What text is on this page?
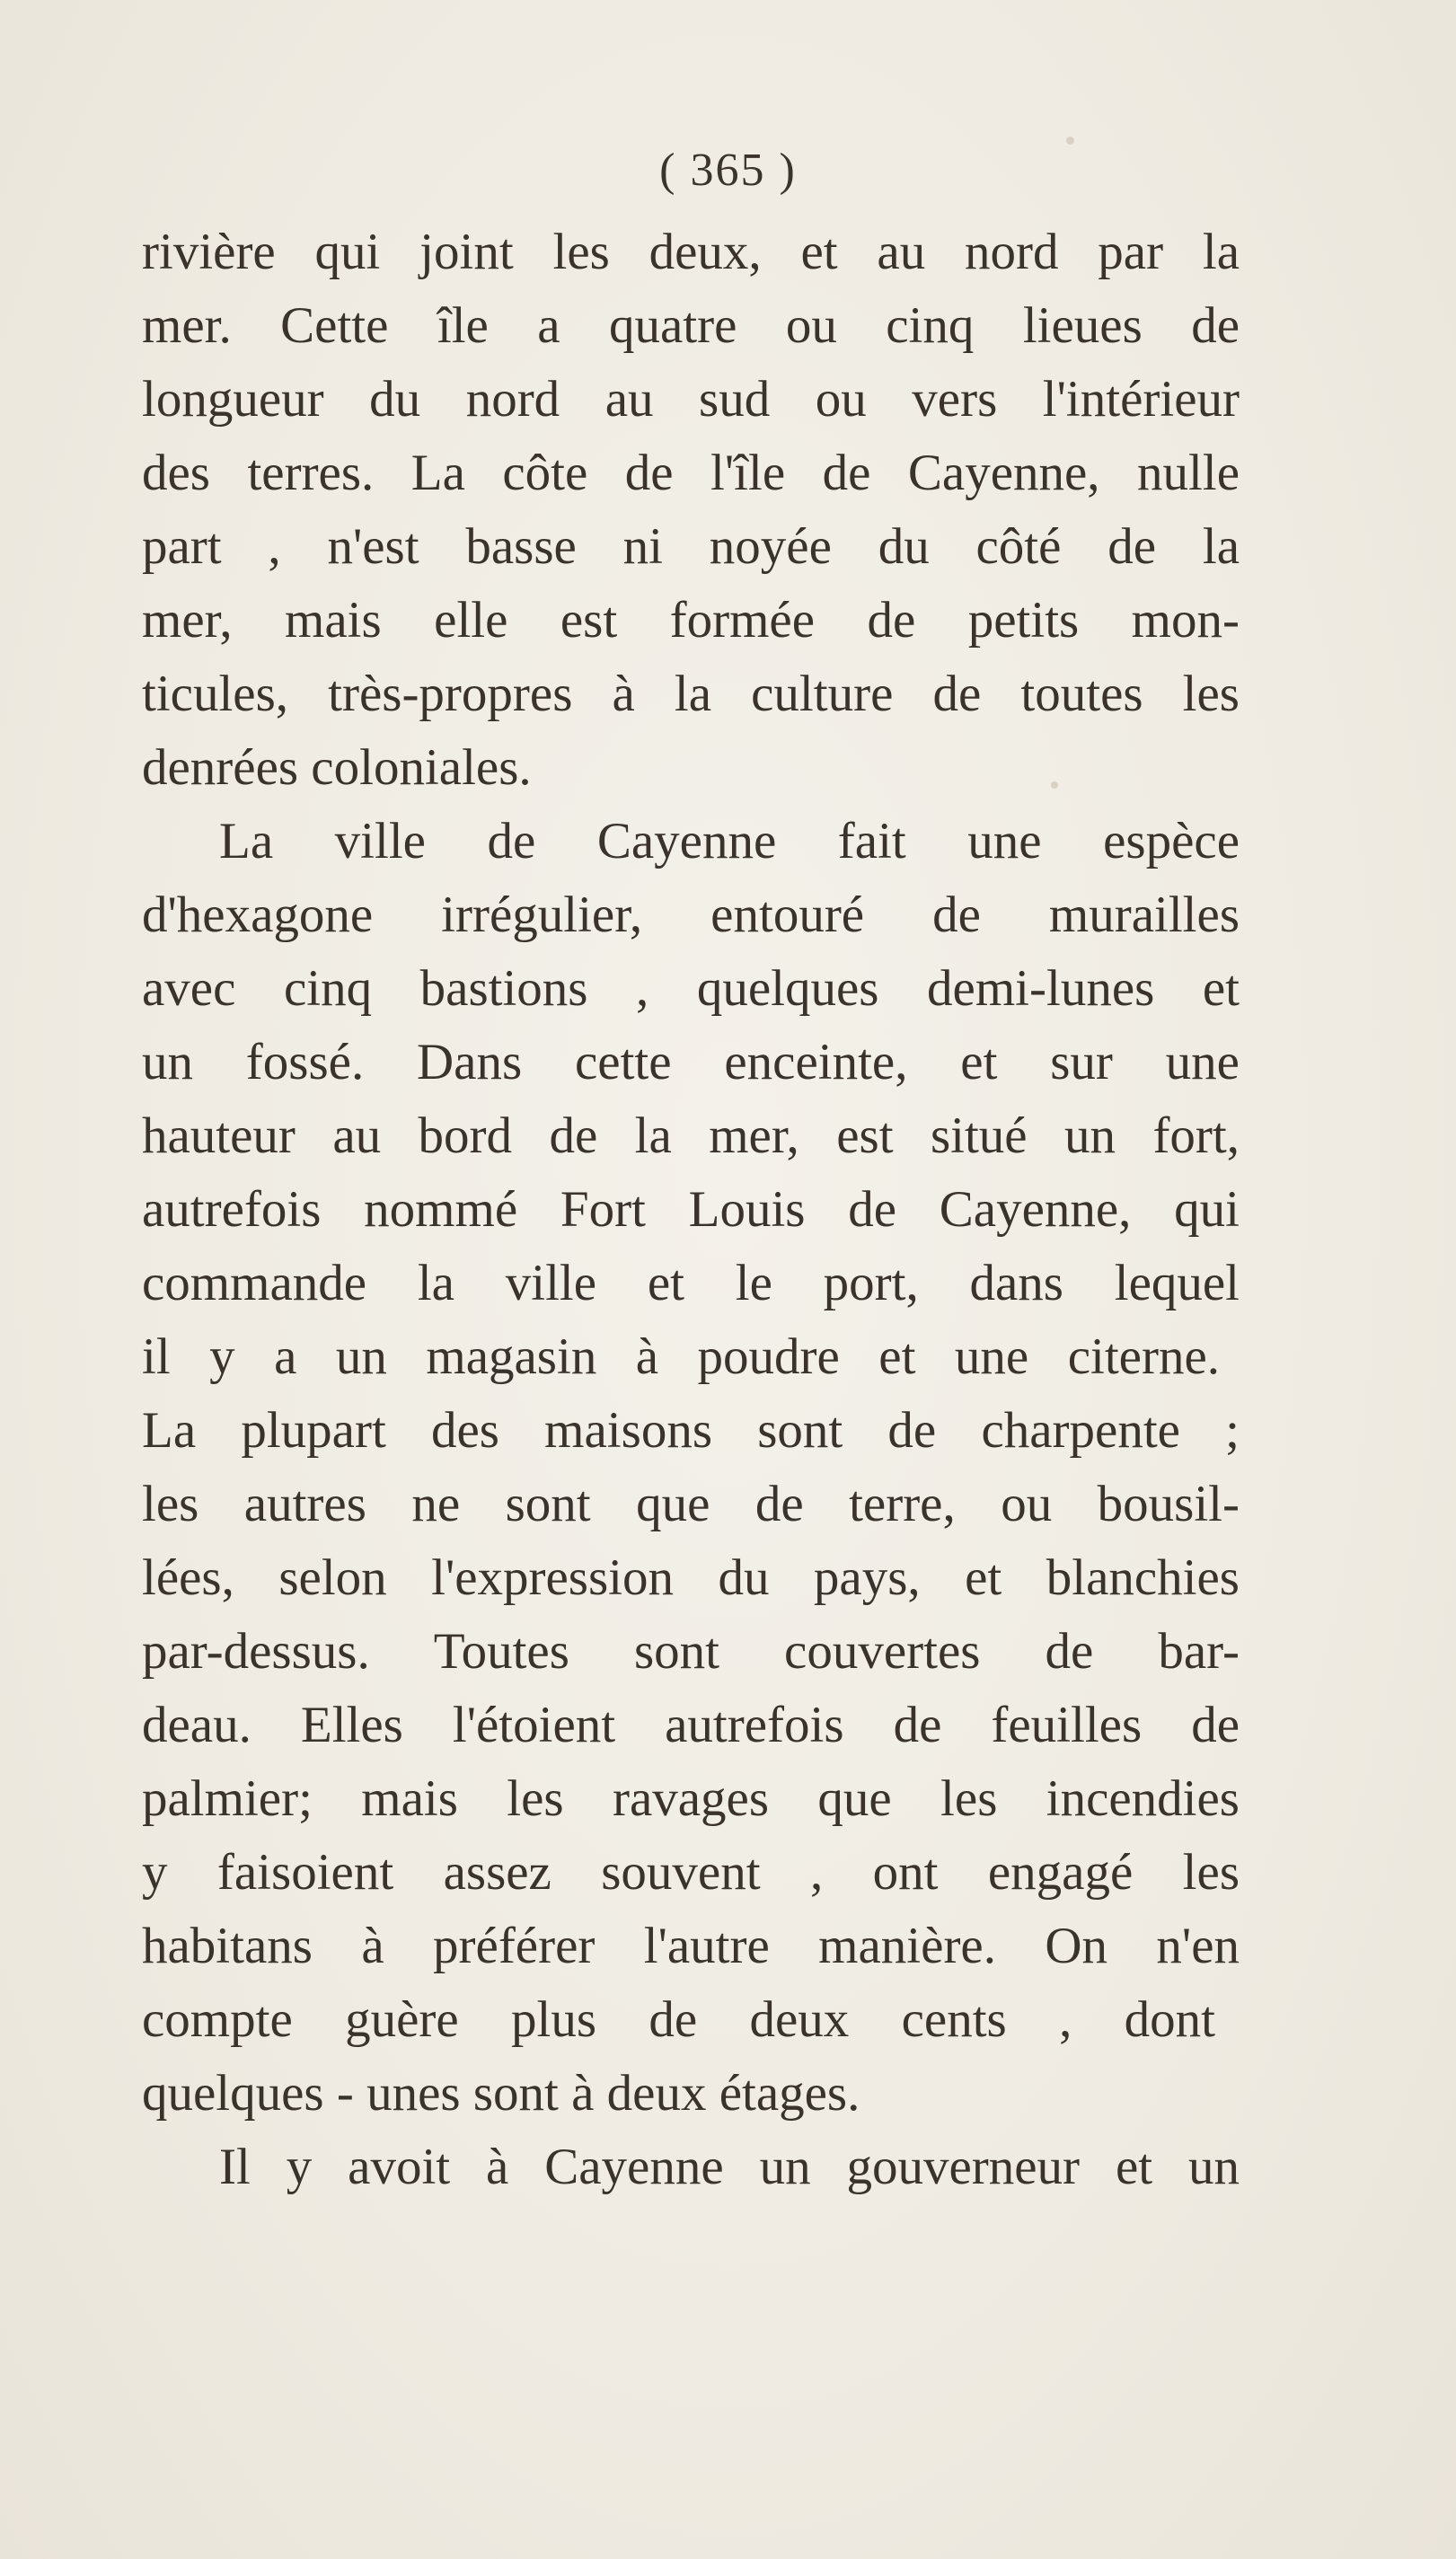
( 365 )
rivière qui joint les deux, et au nord par la
mer. Cette île a quatre ou cinq lieues de
longueur du nord au sud ou vers l'intérieur
des terres. La côte de l'île de Cayenne, nulle
part , n'est basse ni noyée du côté de la
mer, mais elle est formée de petits mon-
ticules, très-propres à la culture de toutes les
denrées coloniales.
La ville de Cayenne fait une espèce
d'hexagone irrégulier, entouré de murailles
avec cinq bastions , quelques demi-lunes et
un fossé. Dans cette enceinte, et sur une
hauteur au bord de la mer, est situé un fort,
autrefois nommé Fort Louis de Cayenne, qui
commande la ville et le port, dans lequel
il y a un magasin à poudre et une citerne.
La plupart des maisons sont de charpente ;
les autres ne sont que de terre, ou bousil-
lées, selon l'expression du pays, et blanchies
par-dessus. Toutes sont couvertes de bar-
deau. Elles l'étoient autrefois de feuilles de
palmier; mais les ravages que les incendies
y faisoient assez souvent , ont engagé les
habitans à préférer l'autre manière. On n'en
compte guère plus de deux cents , dont
quelques - unes sont à deux étages.
Il y avoit à Cayenne un gouverneur et un
